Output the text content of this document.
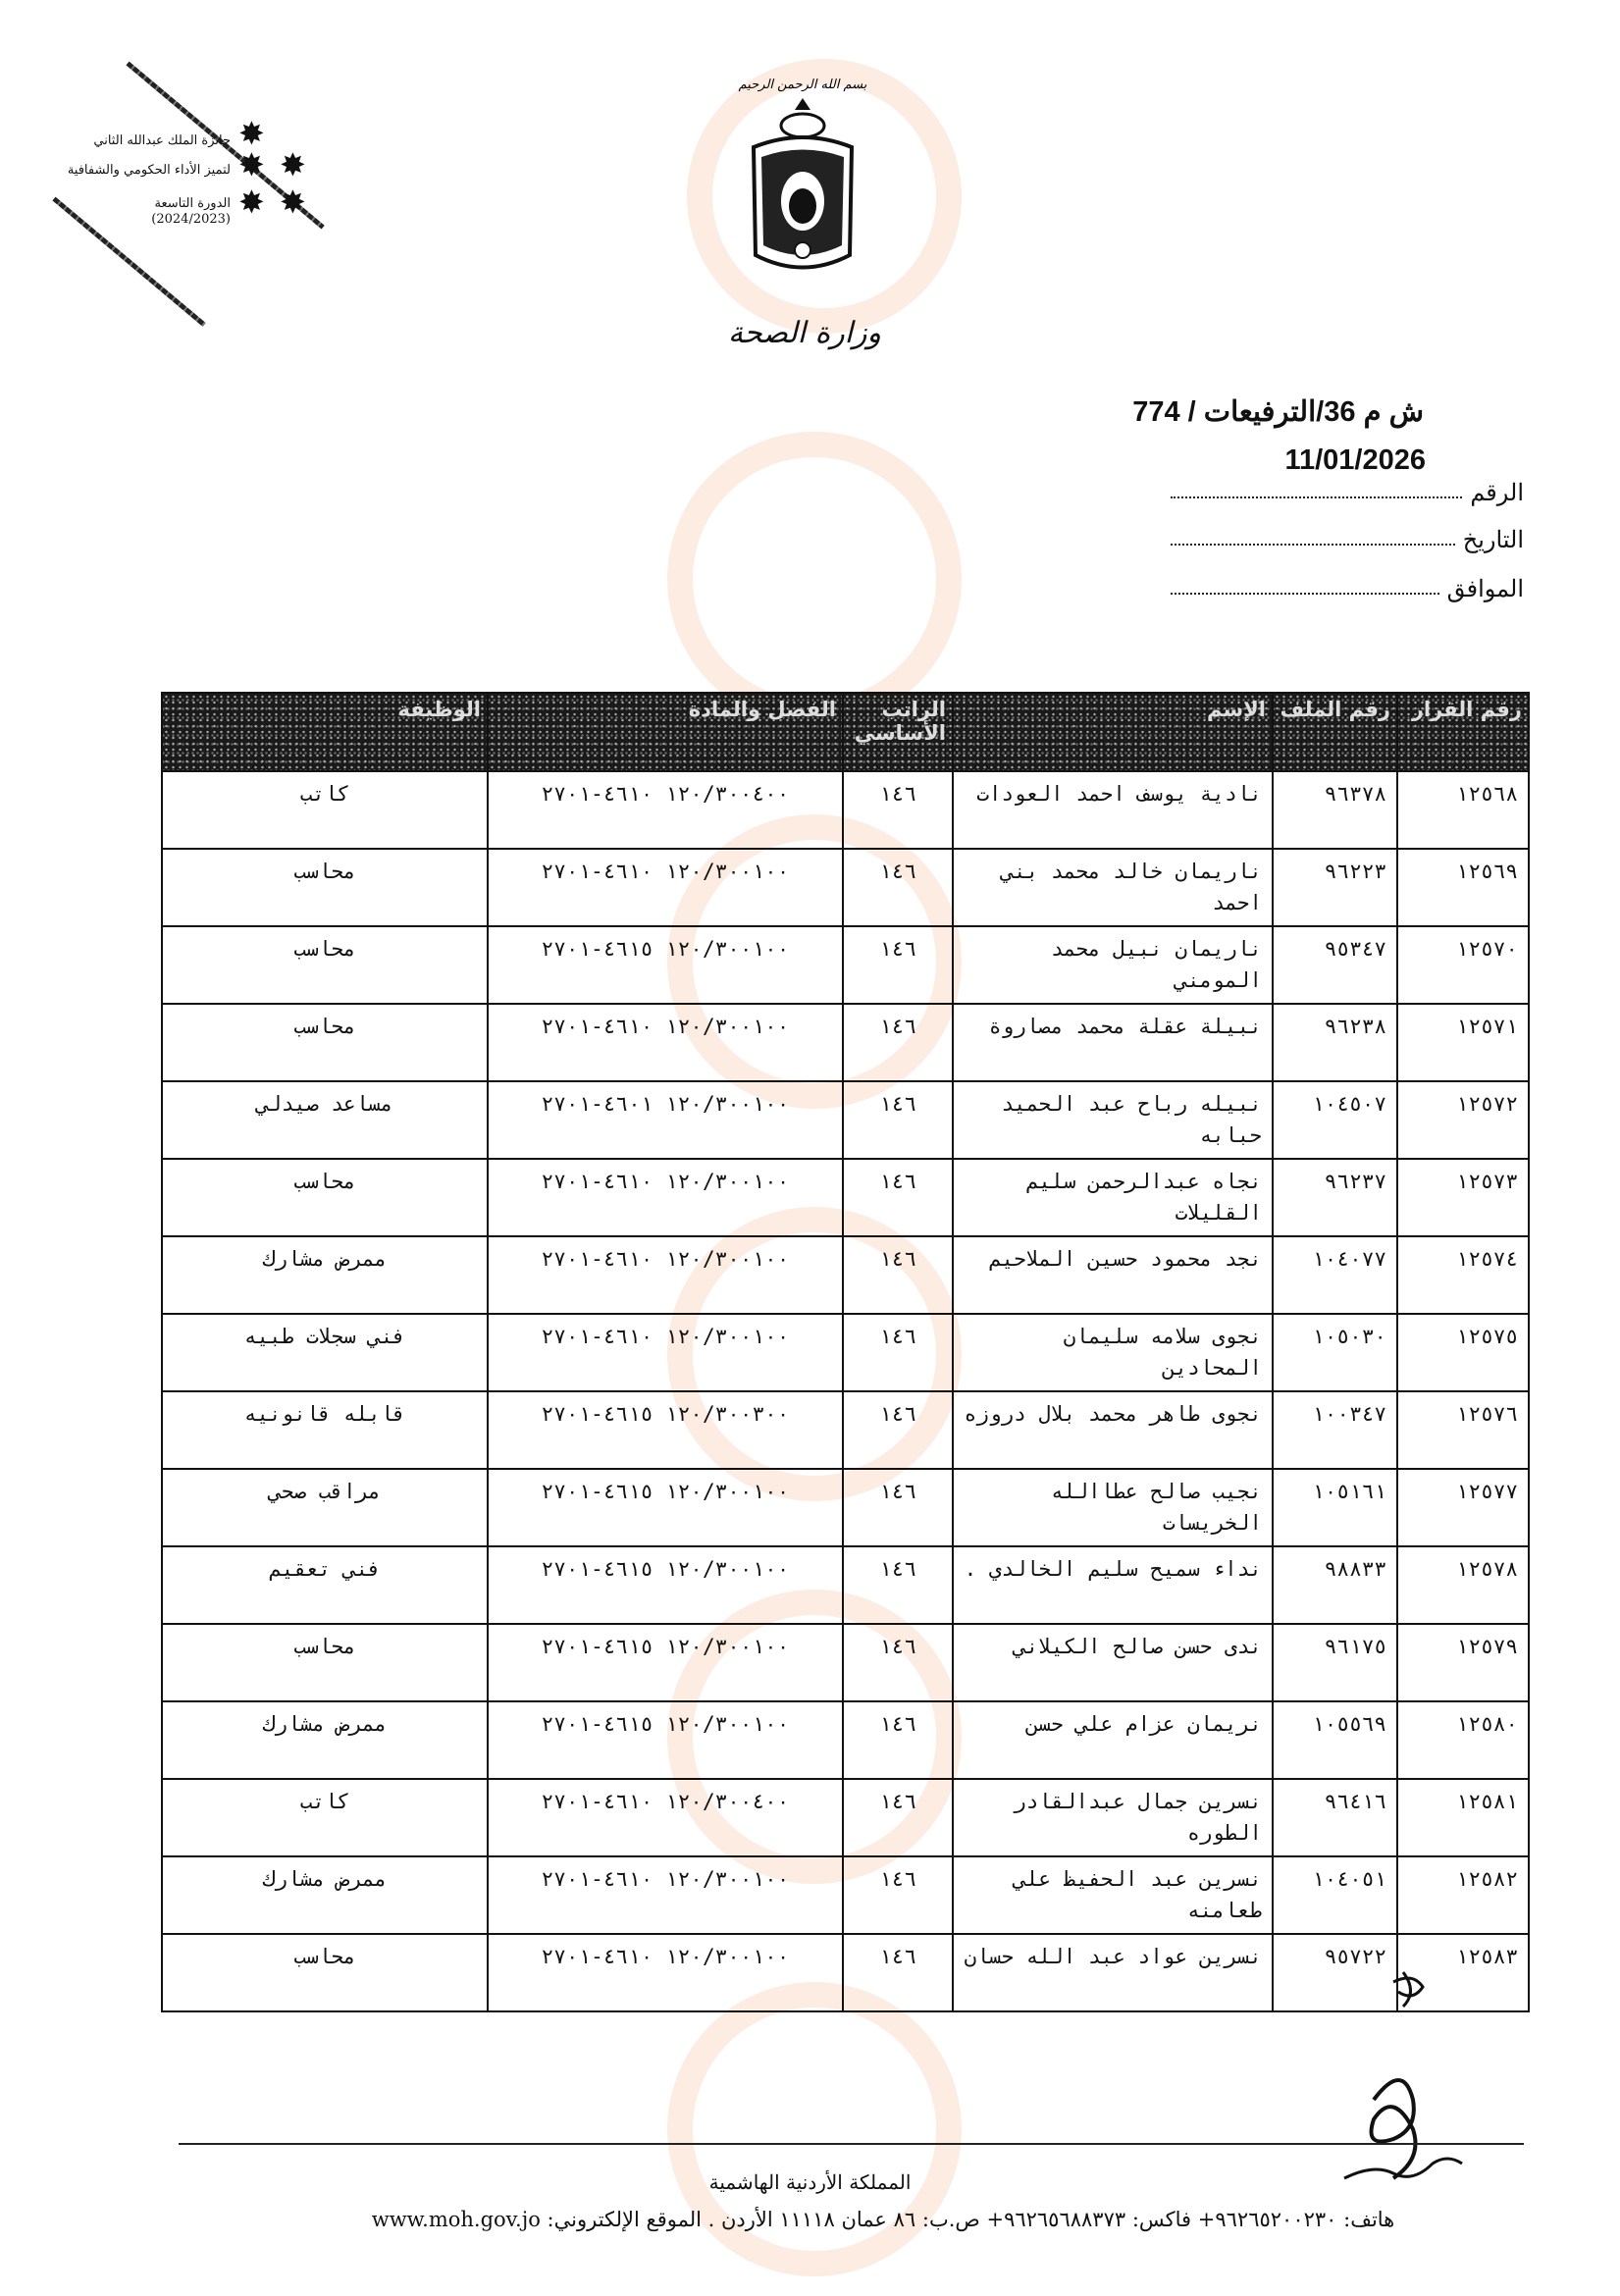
✸
✸
✸
✸
✸
جائزة الملك عبدالله الثاني
لتميز الأداء الحكومي والشفافية
الدورة التاسعة
(2024/2023)
بسم الله الرحمن الرحيم
وزارة الصحة
ش م 36/الترفيعات / 774
11/01/2026
الرقم
التاريخ
الموافق
رقم القرار	رقم الملف	الإسم	الراتب الأساسي	الفصل والمادة	الوظيفة
١٢٥٦٨	٩٦٣٧٨	نادية يوسف احمد العودات	١٤٦	١٢٠/٣٠٠٤٠٠ ٤٦١٠-٢٧٠١	كاتب
١٢٥٦٩	٩٦٢٢٣	ناريمان خالد محمد بني احمد	١٤٦	١٢٠/٣٠٠١٠٠ ٤٦١٠-٢٧٠١	محاسب
١٢٥٧٠	٩٥٣٤٧	ناريمان نبيل محمد المومني	١٤٦	١٢٠/٣٠٠١٠٠ ٤٦١٥-٢٧٠١	محاسب
١٢٥٧١	٩٦٢٣٨	نبيلة عقلة محمد مصاروة	١٤٦	١٢٠/٣٠٠١٠٠ ٤٦١٠-٢٧٠١	محاسب
١٢٥٧٢	١٠٤٥٠٧	نبيله رباح عبد الحميد حبابه	١٤٦	١٢٠/٣٠٠١٠٠ ٤٦٠١-٢٧٠١	مساعد صيدلي
١٢٥٧٣	٩٦٢٣٧	نجاه عبدالرحمن سليم القليلات	١٤٦	١٢٠/٣٠٠١٠٠ ٤٦١٠-٢٧٠١	محاسب
١٢٥٧٤	١٠٤٠٧٧	نجد محمود حسين الملاحيم	١٤٦	١٢٠/٣٠٠١٠٠ ٤٦١٠-٢٧٠١	ممرض مشارك
١٢٥٧٥	١٠٥٠٣٠	نجوى سلامه سليمان المحادين	١٤٦	١٢٠/٣٠٠١٠٠ ٤٦١٠-٢٧٠١	فني سجلات طبيه
١٢٥٧٦	١٠٠٣٤٧	نجوى طاهر محمد بلال دروزه	١٤٦	١٢٠/٣٠٠٣٠٠ ٤٦١٥-٢٧٠١	قابله قانونيه
١٢٥٧٧	١٠٥١٦١	نجيب صالح عطاالله الخريسات	١٤٦	١٢٠/٣٠٠١٠٠ ٤٦١٥-٢٧٠١	مراقب صحي
١٢٥٧٨	٩٨٨٣٣	نداء سميح سليم الخالدي .	١٤٦	١٢٠/٣٠٠١٠٠ ٤٦١٥-٢٧٠١	فني تعقيم
١٢٥٧٩	٩٦١٧٥	ندى حسن صالح الكيلاني	١٤٦	١٢٠/٣٠٠١٠٠ ٤٦١٥-٢٧٠١	محاسب
١٢٥٨٠	١٠٥٥٦٩	نريمان عزام علي حسن	١٤٦	١٢٠/٣٠٠١٠٠ ٤٦١٥-٢٧٠١	ممرض مشارك
١٢٥٨١	٩٦٤١٦	نسرين جمال عبدالقادر الطوره	١٤٦	١٢٠/٣٠٠٤٠٠ ٤٦١٠-٢٧٠١	كاتب
١٢٥٨٢	١٠٤٠٥١	نسرين عبد الحفيظ علي طعامنه	١٤٦	١٢٠/٣٠٠١٠٠ ٤٦١٠-٢٧٠١	ممرض مشارك
١٢٥٨٣	٩٥٧٢٢	نسرين عواد عبد الله حسان	١٤٦	١٢٠/٣٠٠١٠٠ ٤٦١٠-٢٧٠١	محاسب
المملكة الأردنية الهاشمية
هاتف: ٩٦٢٦٥٢٠٠٢٣٠+ فاكس: ٩٦٢٦٥٦٨٨٣٧٣+ ص.ب: ٨٦ عمان ١١١١٨ الأردن . الموقع الإلكتروني: www.moh.gov.jo
